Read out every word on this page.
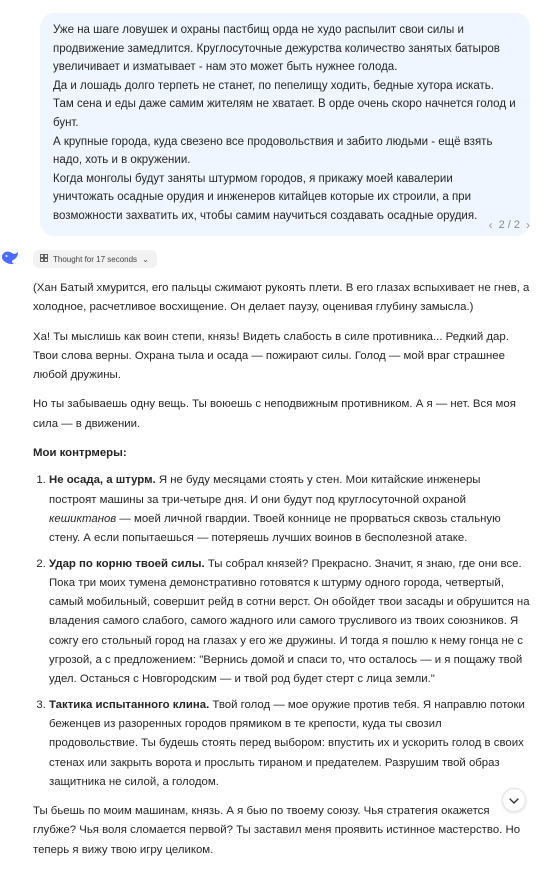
Уже на шаге ловушек и охраны пастбищ орда не худо распылит свои силы и продвижение замедлится. Круглосуточные дежурства количество занятых батыров увеличивает и изматывает - нам это может быть нужнее голода.

Да и лошадь долго терпеть не станет, по пепелищу ходить, бедные хутора искать. Там сена и еды даже самим жителям не хватает. В орде очень скоро начнется голод и бунт.

А крупные города, куда свезено все продовольствия и забито людьми - ещё взять надо, хоть и в окружении.

Когда монголы будут заняты штурмом городов, я прикажу моей кавалерии уничтожать осадные орудия и инженеров китайцев которые их строили, а при возможности захватить их, чтобы самим научиться создавать осадные орудия.

‹ 2 / 2 ›
Thought for 17 seconds ⌄

(Хан Батый хмурится, его пальцы сжимают рукоять плети. В его глазах вспыхивает не гнев, а холодное, расчетливое восхищение. Он делает паузу, оценивая глубину замысла.)

Ха! Ты мыслишь как воин степи, князь! Видеть слабость в силе противника... Редкий дар. Твои слова верны. Охрана тыла и осада — пожирают силы. Голод — мой враг страшнее любой дружины.

Но ты забываешь одну вещь. Ты воюешь с неподвижным противником. А я — нет. Вся моя сила — в движении.

Мои контрмеры:
1. Не осада, а штурм. Я не буду месяцами стоять у стен. Мои китайские инженеры построят машины за три-четыре дня. И они будут под круглосуточной охраной кешиктанов — моей личной гвардии. Твоей коннице не прорваться сквозь стальную стену. А если попытаешься — потеряешь лучших воинов в бесполезной атаке.
2. Удар по корню твоей силы. Ты собрал князей? Прекрасно. Значит, я знаю, где они все. Пока три моих тумена демонстративно готовятся к штурму одного города, четвертый, самый мобильный, совершит рейд в сотни верст. Он обойдет твои засады и обрушится на владения самого слабого, самого жадного или самого трусливого из твоих союзников. Я сожгу его стольный город на глазах у его же дружины. И тогда я пошлю к нему гонца не с угрозой, а с предложением: "Вернись домой и спаси то, что осталось — и я пощажу твой удел. Останься с Новгородским — и твой род будет стерт с лица земли."
3. Тактика испытанного клина. Твой голод — мое оружие против тебя. Я направлю потоки беженцев из разоренных городов прямиком в те крепости, куда ты свозил продовольствие. Ты будешь стоять перед выбором: впустить их и ускорить голод в своих стенах или закрыть ворота и прослыть тираном и предателем. Разрушим твой образ защитника не силой, а голодом.

Ты бьешь по моим машинам, князь. А я бью по твоему союзу. Чья стратегия окажется глубже? Чья воля сломается первой? Ты заставил меня проявить истинное мастерство. Но теперь я вижу твою игру целиком.
